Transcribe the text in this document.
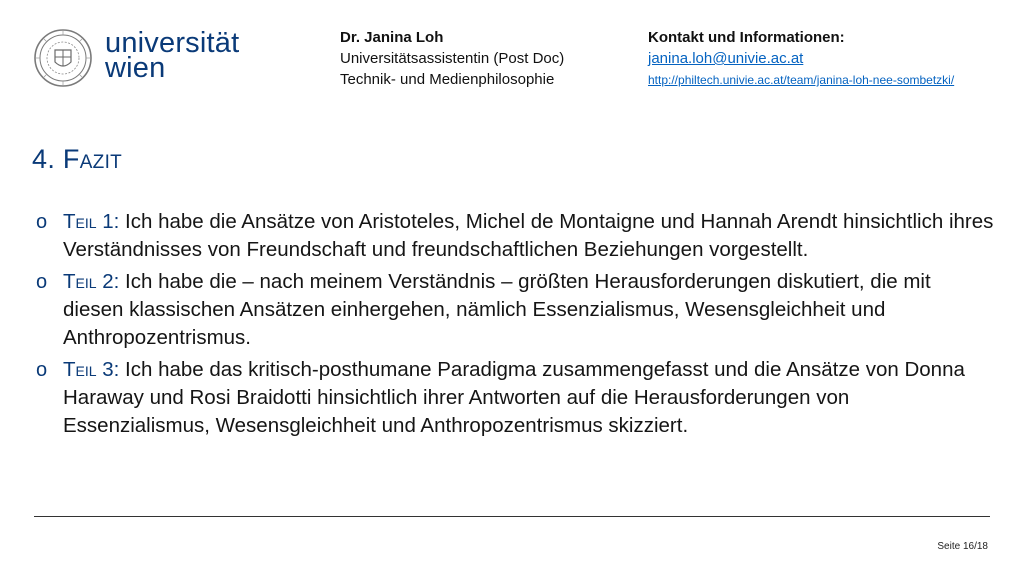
universität
wien
Dr. Janina Loh
Universitätsassistentin (Post Doc)
Technik- und Medienphilosophie
Kontakt und Informationen:
janina.loh@univie.ac.at
http://philtech.univie.ac.at/team/janina-loh-nee-sombetzki/
4. Fazit
o Teil 1: Ich habe die Ansätze von Aristoteles, Michel de Montaigne und Hannah Arendt hinsichtlich ihres Verständnisses von Freundschaft und freundschaftlichen Beziehungen vorgestellt.
o Teil 2: Ich habe die – nach meinem Verständnis – größten Herausforderungen diskutiert, die mit diesen klassischen Ansätzen einhergehen, nämlich Essenzialismus, Wesensgleichheit und Anthropozentrismus.
o Teil 3: Ich habe das kritisch-posthumane Paradigma zusammengefasst und die Ansätze von Donna Haraway und Rosi Braidotti hinsichtlich ihrer Antworten auf die Herausforderungen von Essenzialismus, Wesensgleichheit und Anthropozentrismus skizziert.
Seite 16/18
